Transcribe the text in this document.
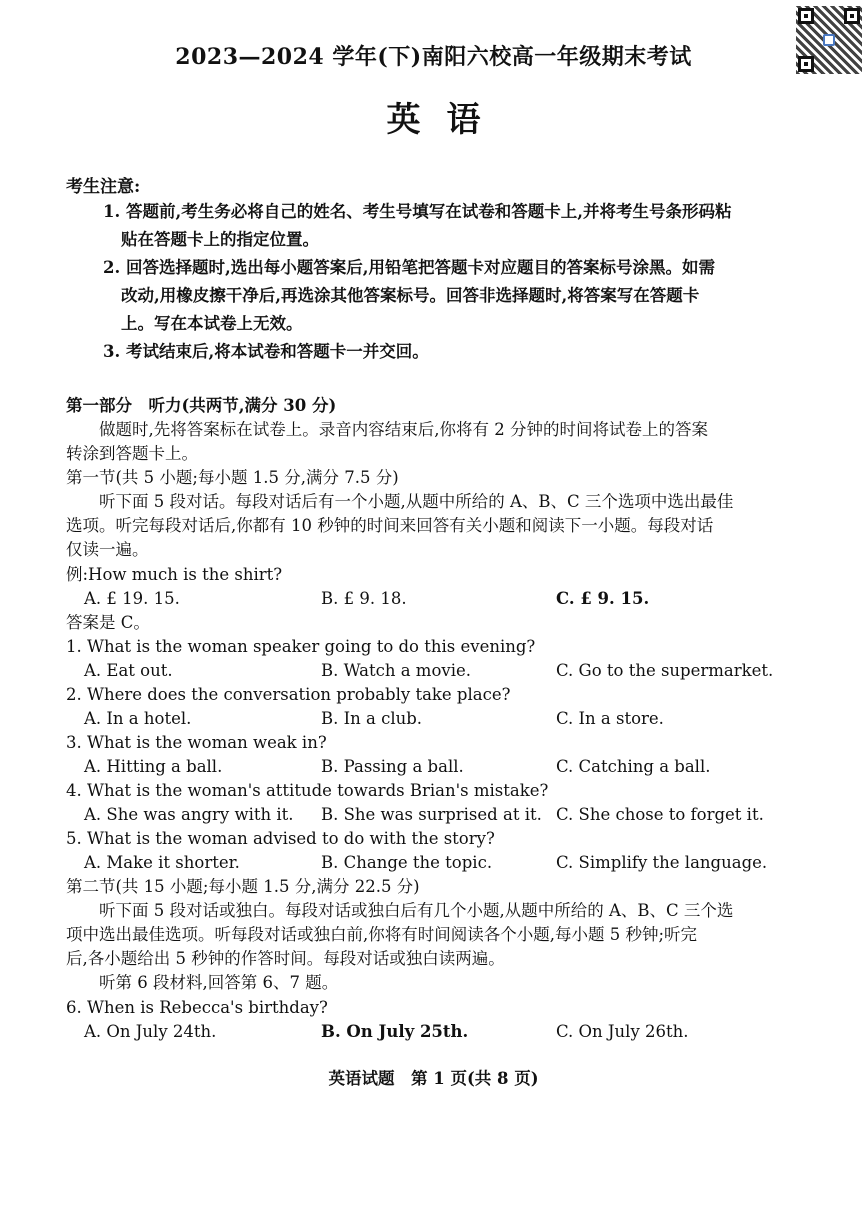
2023—2024 学年(下)南阳六校高一年级期末考试
英语
考生注意:
1. 答题前,考生务必将自己的姓名、考生号填写在试卷和答题卡上,并将考生号条形码粘
贴在答题卡上的指定位置。
2. 回答选择题时,选出每小题答案后,用铅笔把答题卡对应题目的答案标号涂黑。如需
改动,用橡皮擦干净后,再选涂其他答案标号。回答非选择题时,将答案写在答题卡
上。写在本试卷上无效。
3. 考试结束后,将本试卷和答题卡一并交回。
第一部分　听力(共两节,满分 30 分)
　　做题时,先将答案标在试卷上。录音内容结束后,你将有 2 分钟的时间将试卷上的答案
转涂到答题卡上。
第一节(共 5 小题;每小题 1.5 分,满分 7.5 分)
　　听下面 5 段对话。每段对话后有一个小题,从题中所给的 A、B、C 三个选项中选出最佳
选项。听完每段对话后,你都有 10 秒钟的时间来回答有关小题和阅读下一小题。每段对话
仅读一遍。
例:How much is the shirt?
A. £ 19. 15.	B. £ 9. 18.	C. £ 9. 15.
答案是 C。
1. What is the woman speaker going to do this evening?
A. Eat out.	B. Watch a movie.	C. Go to the supermarket.
2. Where does the conversation probably take place?
A. In a hotel.	B. In a club.	C. In a store.
3. What is the woman weak in?
A. Hitting a ball.	B. Passing a ball.	C. Catching a ball.
4. What is the woman's attitude towards Brian's mistake?
A. She was angry with it. B. She was surprised at it. C. She chose to forget it.
5. What is the woman advised to do with the story?
A. Make it shorter.	B. Change the topic.	C. Simplify the language.
第二节(共 15 小题;每小题 1.5 分,满分 22.5 分)
　　听下面 5 段对话或独白。每段对话或独白后有几个小题,从题中所给的 A、B、C 三个选
项中选出最佳选项。听每段对话或独白前,你将有时间阅读各个小题,每小题 5 秒钟;听完
后,各小题给出 5 秒钟的作答时间。每段对话或独白读两遍。
　　听第 6 段材料,回答第 6、7 题。
6. When is Rebecca's birthday?
A. On July 24th.	B. On July 25th.	C. On July 26th.
英语试题　第 1 页(共 8 页)
